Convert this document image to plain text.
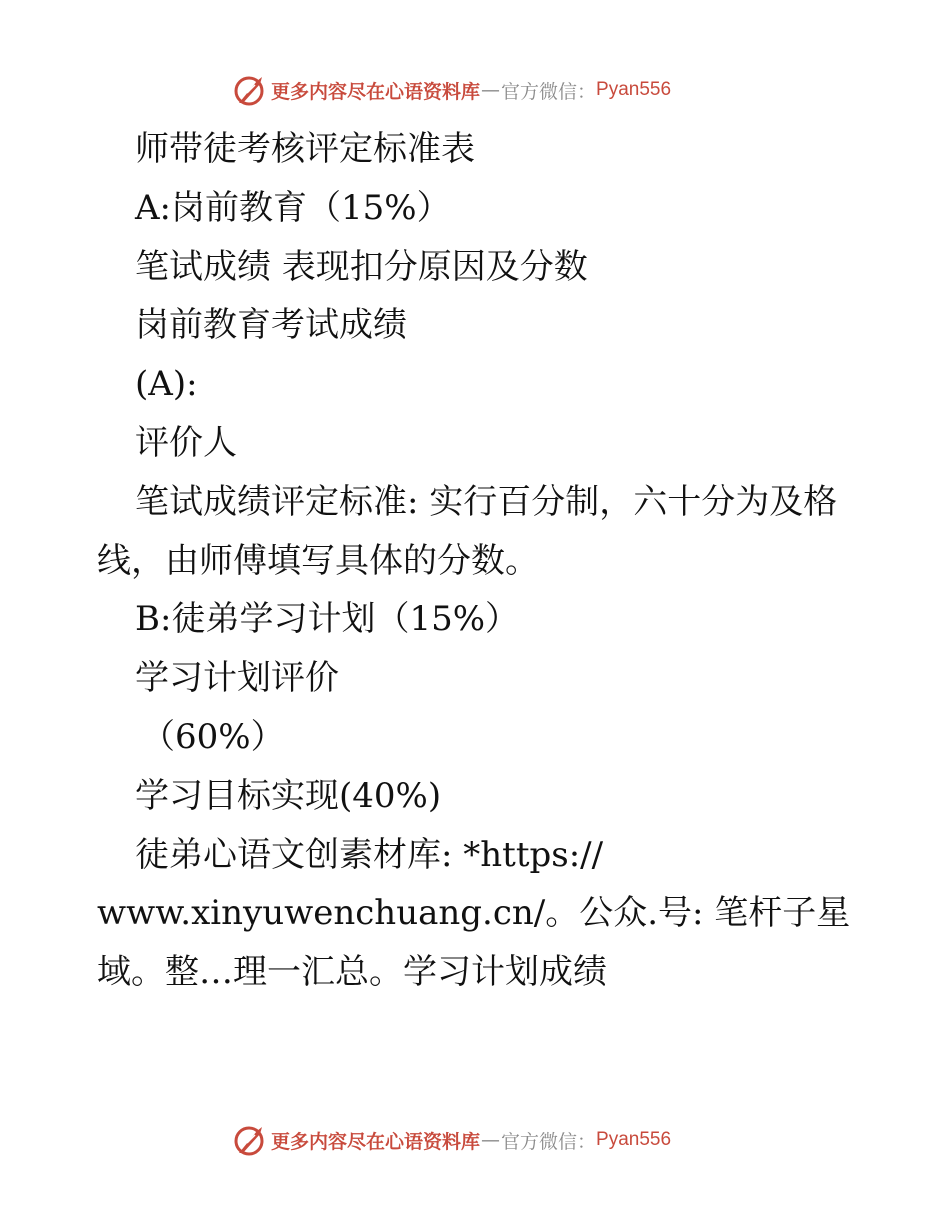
更多内容尽在心语资料库 — 官方微信： Pyan556
师带徒考核评定标准表
A:岗前教育（15%）
笔试成绩 表现扣分原因及分数
岗前教育考试成绩
(A):
评价人
笔试成绩评定标准: 实行百分制，六十分为及格
线，由师傅填写具体的分数。
B:徒弟学习计划（15%）
学习计划评价
（60%）
学习目标实现(40%)
徒弟心语文创素材库: *https://
www.xinyuwenchuang.cn/。公众.号: 笔杆子星
域。整…理一汇总。学习计划成绩
更多内容尽在心语资料库 — 官方微信： Pyan556
